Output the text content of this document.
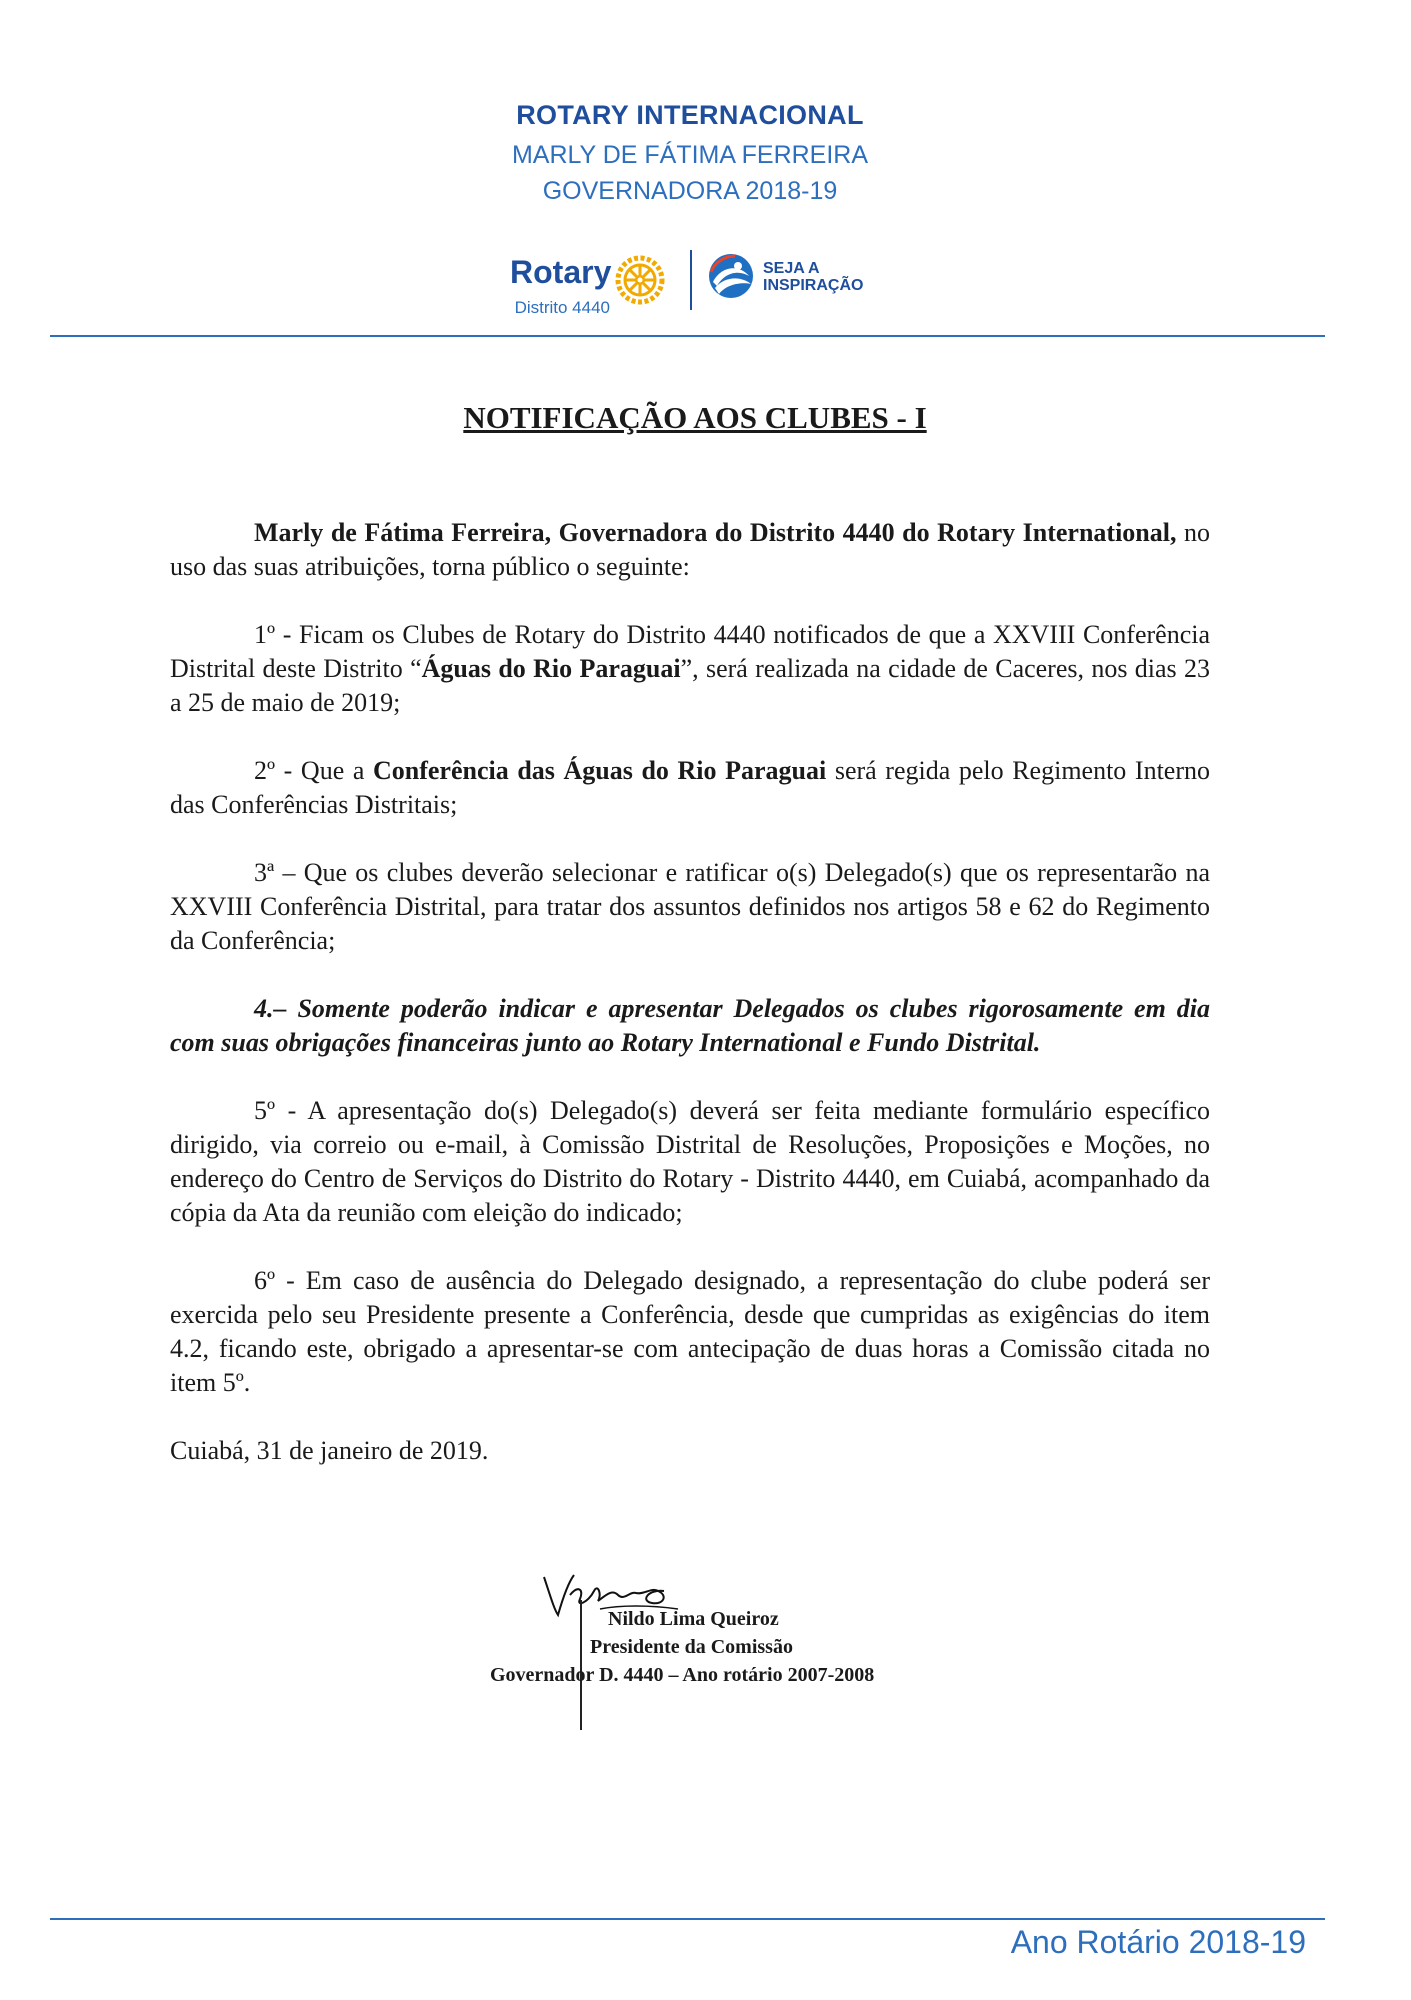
ROTARY INTERNACIONAL
MARLY DE FÁTIMA FERREIRA
GOVERNADORA 2018-19
Rotary
Distrito 4440
SEJA A
INSPIRAÇÃO
NOTIFICAÇÃO AOS CLUBES - I

Marly de Fátima Ferreira, Governadora do Distrito 4440 do Rotary International, no uso das suas atribuições, torna público o seguinte:

1º - Ficam os Clubes de Rotary do Distrito 4440 notificados de que a XXVIII Conferência Distrital deste Distrito “Águas do Rio Paraguai”, será realizada na cidade de Caceres, nos dias 23 a 25 de maio de 2019;

2º - Que a Conferência das Águas do Rio Paraguai será regida pelo Regimento Interno das Conferências Distritais;

3ª – Que os clubes deverão selecionar e ratificar o(s) Delegado(s) que os representarão na XXVIII Conferência Distrital, para tratar dos assuntos definidos nos artigos 58 e 62 do Regimento da Conferência;

4.– Somente poderão indicar e apresentar Delegados os clubes rigorosamente em dia com suas obrigações financeiras junto ao Rotary International e Fundo Distrital.

5º - A apresentação do(s) Delegado(s) deverá ser feita mediante formulário específico dirigido, via correio ou e-mail, à Comissão Distrital de Resoluções, Proposições e Moções, no endereço do Centro de Serviços do Distrito do Rotary - Distrito 4440, em Cuiabá, acompanhado da cópia da Ata da reunião com eleição do indicado;

6º - Em caso de ausência do Delegado designado, a representação do clube poderá ser exercida pelo seu Presidente presente a Conferência, desde que cumpridas as exigências do item 4.2, ficando este, obrigado a apresentar-se com antecipação de duas horas a Comissão citada no item 5º.

Cuiabá, 31 de janeiro de 2019.

Nildo Lima Queiroz
Presidente da Comissão
Governador D. 4440 – Ano rotário 2007-2008
Ano Rotário 2018-19
